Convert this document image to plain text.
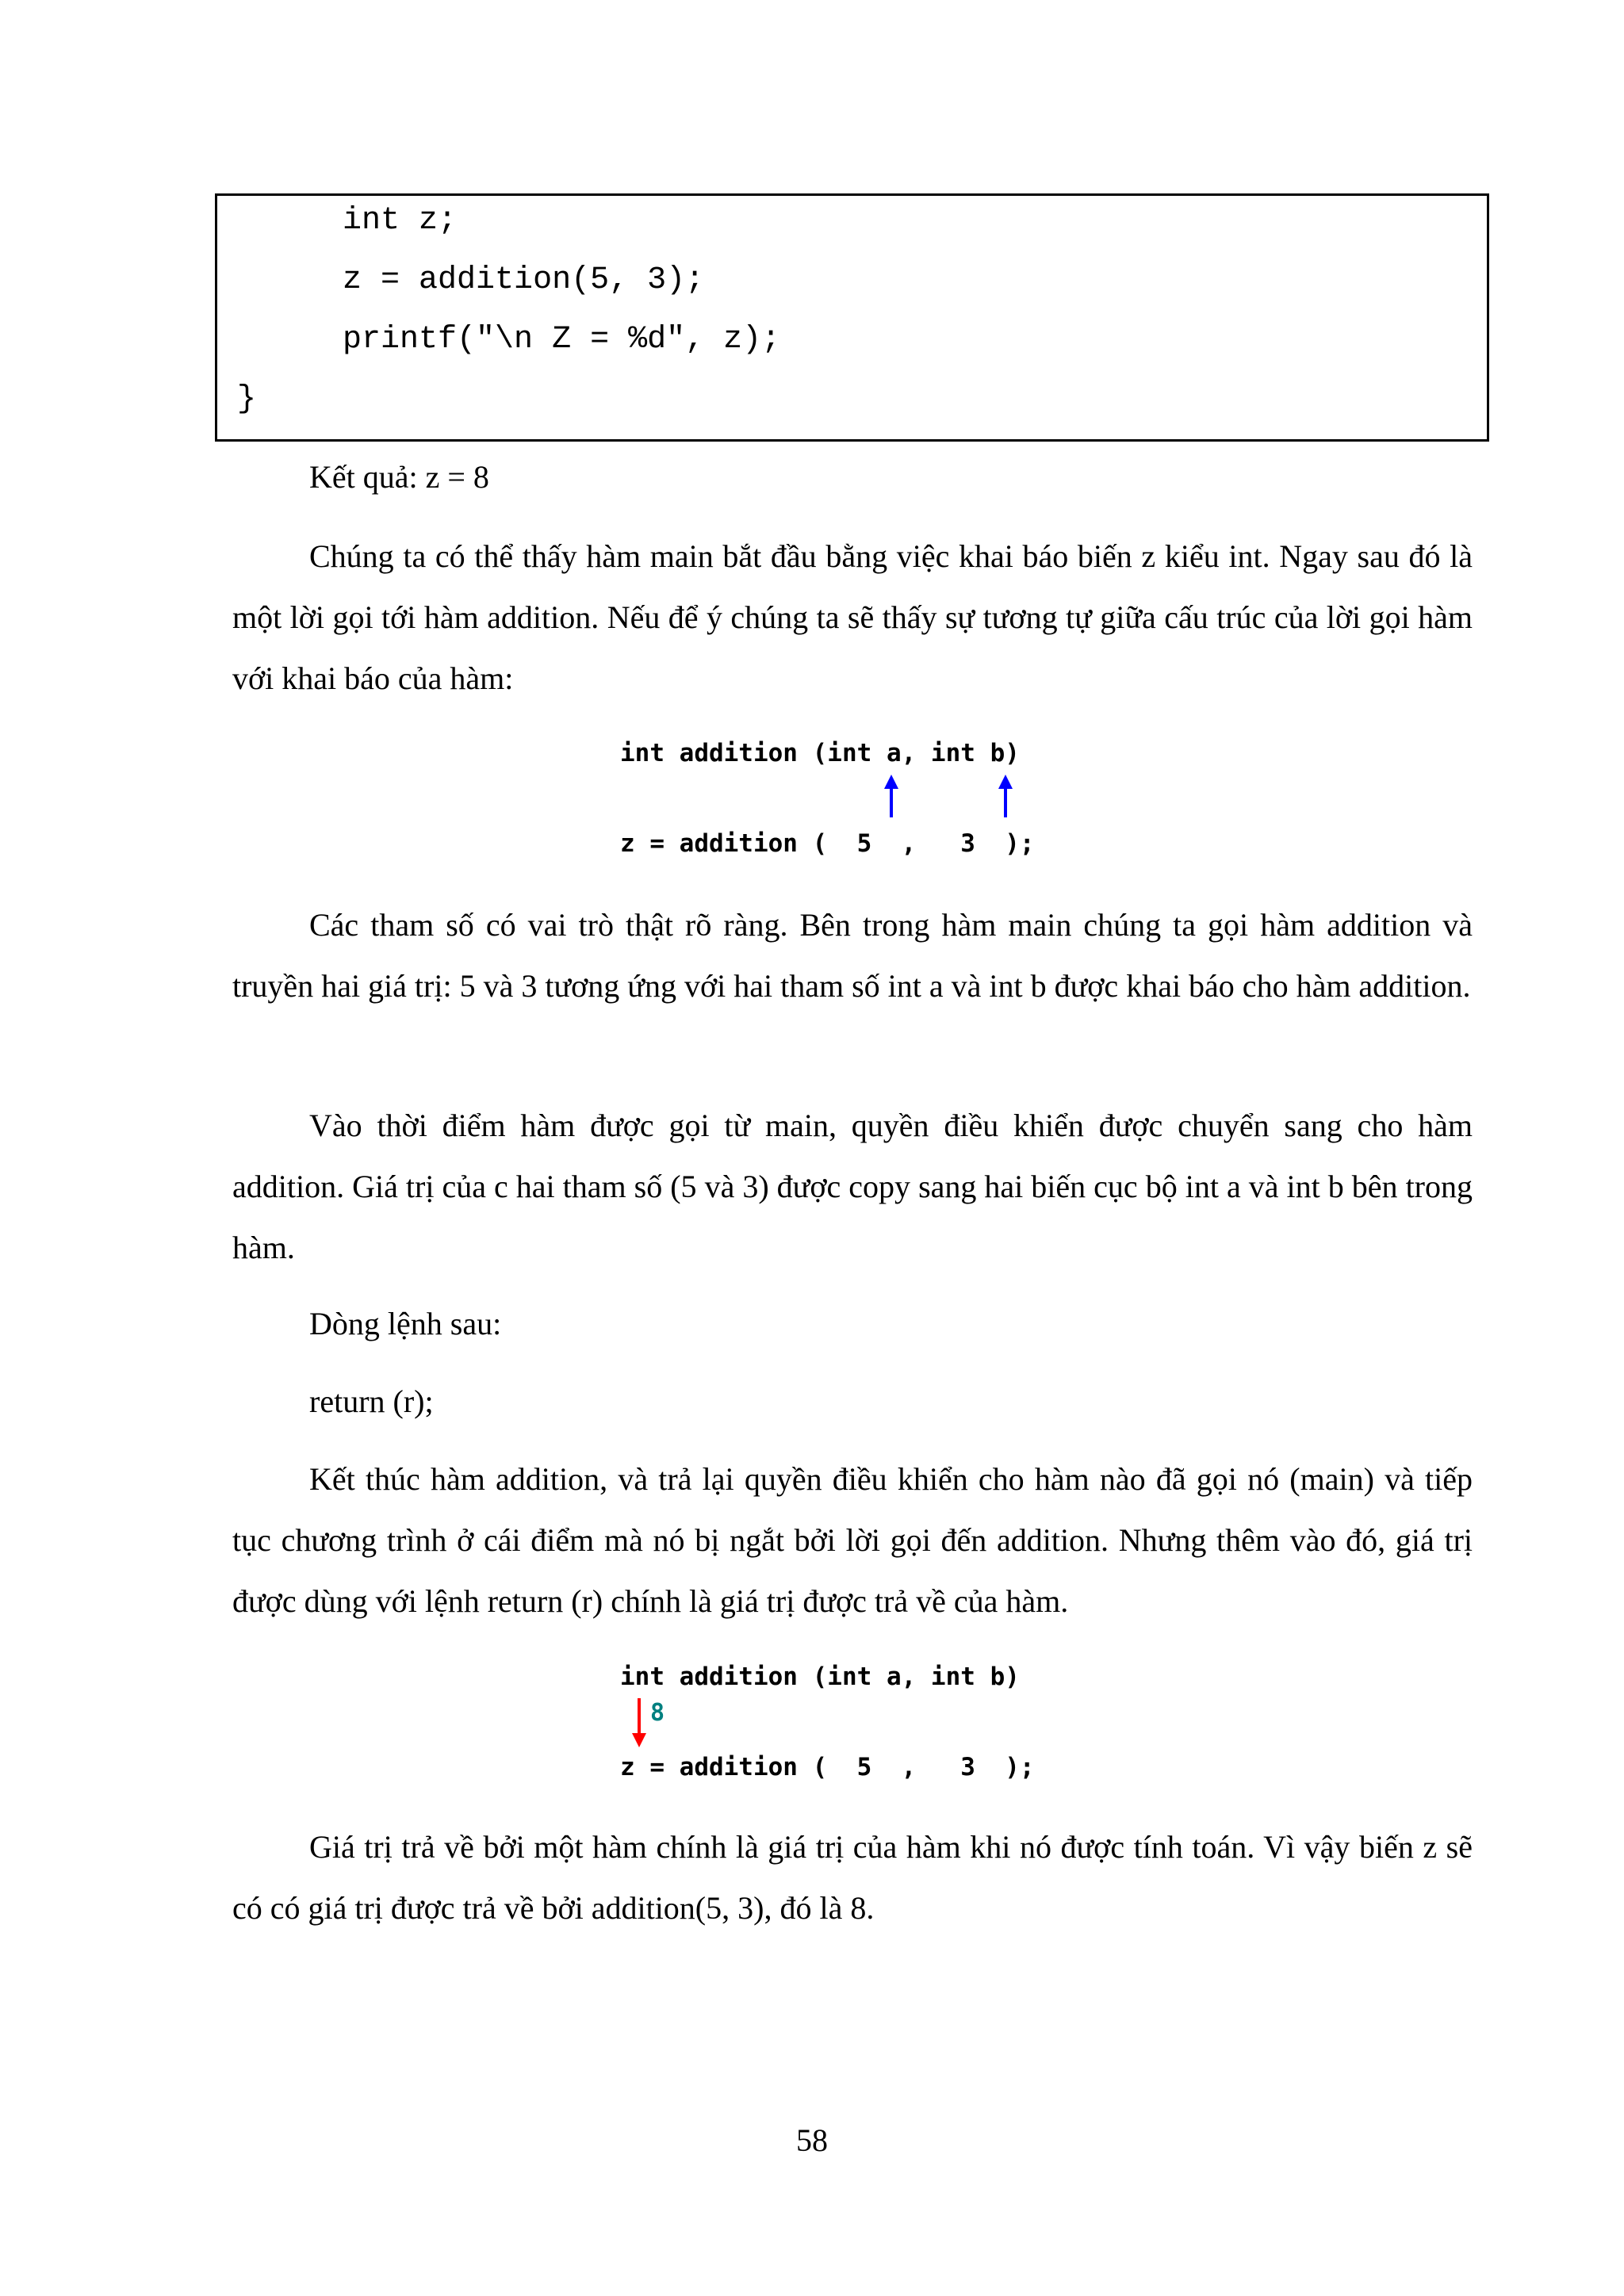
int z;
z = addition(5, 3);
printf("\n Z = %d", z);
}

Kết quả: z = 8

Chúng ta có thể thấy hàm main bắt đầu bằng việc khai báo biến z kiểu int. Ngay sau đó là một lời gọi tới hàm addition. Nếu để ý chúng ta sẽ thấy sự tương tự giữa cấu trúc của lời gọi hàm với khai báo của hàm:

int addition (int a, int b)
z = addition (  5  ,   3  );

Các tham số có vai trò thật rõ ràng. Bên trong hàm main chúng ta gọi hàm addition và truyền hai giá trị: 5 và 3 tương ứng với hai tham số int a và int b được khai báo cho hàm addition.

Vào thời điểm hàm được gọi từ main, quyền điều khiển được chuyển sang cho hàm addition. Giá trị của c hai tham số (5 và 3) được copy sang hai biến cục bộ int a và int b bên trong hàm.

Dòng lệnh sau:

return (r);

Kết thúc hàm addition, và trả lại quyền điều khiển cho hàm nào đã gọi nó (main) và tiếp tục chương trình ở cái điểm mà nó bị ngắt bởi lời gọi đến addition. Nhưng thêm vào đó, giá trị được dùng với lệnh return (r) chính là giá trị được trả về của hàm.

int addition (int a, int b)
8
z = addition (  5  ,   3  );

Giá trị trả về bởi một hàm chính là giá trị của hàm khi nó được tính toán. Vì vậy biến z sẽ có có giá trị được trả về bởi addition(5, 3), đó là 8.

58
